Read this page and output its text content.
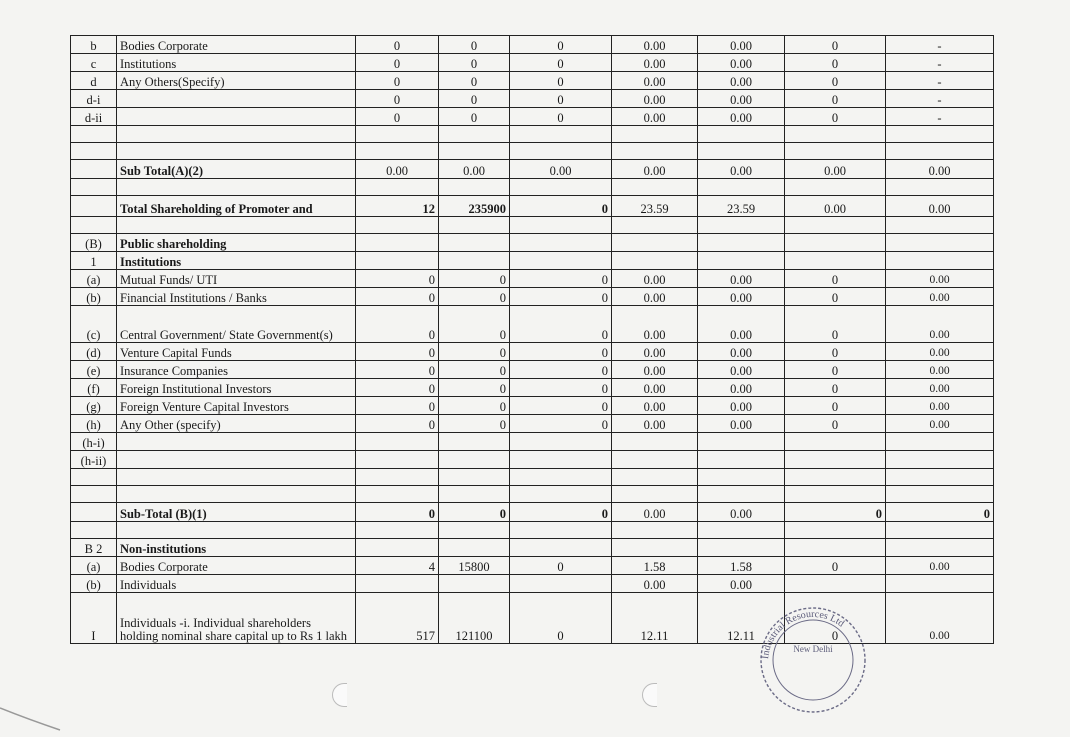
b	Bodies Corporate	0	0	0	0.00	0.00	0	-
c	Institutions	0	0	0	0.00	0.00	0	-
d	Any Others(Specify)	0	0	0	0.00	0.00	0	-
d-i		0	0	0	0.00	0.00	0	-
d-ii		0	0	0	0.00	0.00	0	-

	Sub Total(A)(2)	0.00	0.00	0.00	0.00	0.00	0.00	0.00

	Total Shareholding of Promoter and	12	235900	0	23.59	23.59	0.00	0.00

(B)	Public shareholding							
1	Institutions							
(a)	Mutual Funds/ UTI	0	0	0	0.00	0.00	0	0.00
(b)	Financial Institutions / Banks	0	0	0	0.00	0.00	0	0.00
(c)	Central Government/ State Government(s)	0	0	0	0.00	0.00	0	0.00
(d)	Venture Capital Funds	0	0	0	0.00	0.00	0	0.00
(e)	Insurance Companies	0	0	0	0.00	0.00	0	0.00
(f)	Foreign Institutional Investors	0	0	0	0.00	0.00	0	0.00
(g)	Foreign Venture Capital Investors	0	0	0	0.00	0.00	0	0.00
(h)	Any Other (specify)	0	0	0	0.00	0.00	0	0.00
(h-i)								
(h-ii)								

	Sub-Total (B)(1)	0	0	0	0.00	0.00	0	0

B 2	Non-institutions							
(a)	Bodies Corporate	4	15800	0	1.58	1.58	0	0.00
(b)	Individuals				0.00	0.00		
I	Individuals -i. Individual shareholders holding nominal share capital up to Rs 1 lakh	517	121100	0	12.11	12.11	0	0.00
Industrial Resources Ltd
New Delhi
